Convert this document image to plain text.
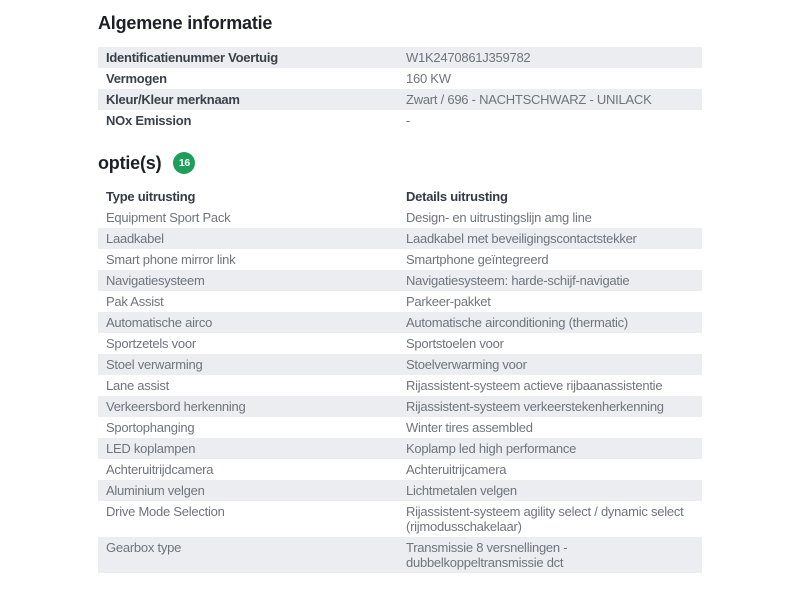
Algemene informatie
Identificatienummer Voertuig	W1K2470861J359782
Vermogen	160 KW
Kleur/Kleur merknaam	Zwart / 696 - NACHTSCHWARZ - UNILACK
NOx Emission	-
optie(s)	16
Type uitrusting	Details uitrusting
Equipment Sport Pack	Design- en uitrustingslijn amg line
Laadkabel	Laadkabel met beveiligingscontactstekker
Smart phone mirror link	Smartphone geïntegreerd
Navigatiesysteem	Navigatiesysteem: harde-schijf-navigatie
Pak Assist	Parkeer-pakket
Automatische airco	Automatische airconditioning (thermatic)
Sportzetels voor	Sportstoelen voor
Stoel verwarming	Stoelverwarming voor
Lane assist	Rijassistent-systeem actieve rijbaanassistentie
Verkeersbord herkenning	Rijassistent-systeem verkeerstekenherkenning
Sportophanging	Winter tires assembled
LED koplampen	Koplamp led high performance
Achteruitrijdcamera	Achteruitrijcamera
Aluminium velgen	Lichtmetalen velgen
Drive Mode Selection	Rijassistent-systeem agility select / dynamic select (rijmodusschakelaar)
Gearbox type	Transmissie 8 versnellingen - dubbelkoppeltransmissie dct
